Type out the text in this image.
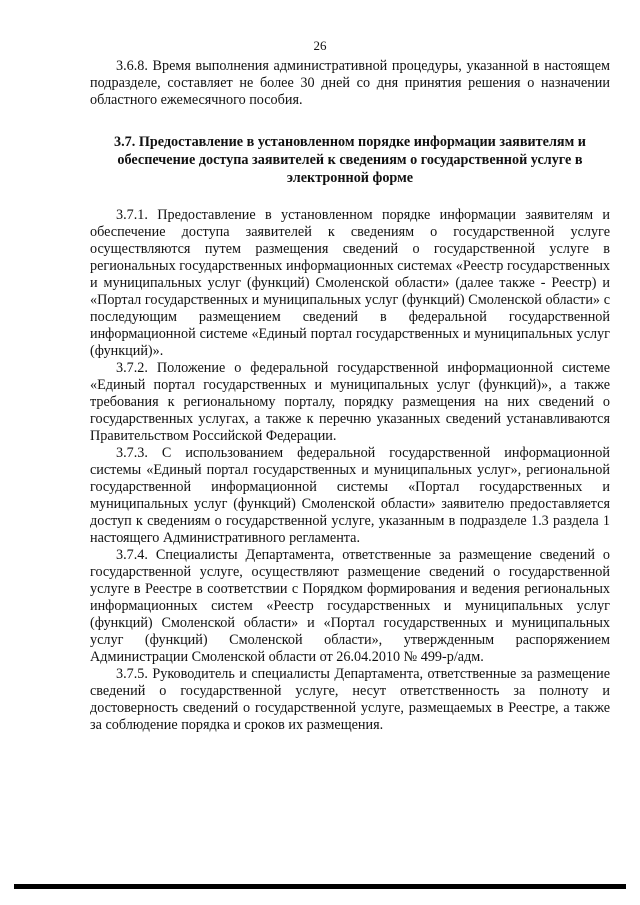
26

3.6.8. Время выполнения административной процедуры, указанной в настоящем подразделе, составляет не более 30 дней со дня принятия решения о назначении областного ежемесячного пособия.

3.7. Предоставление в установленном порядке информации заявителям и обеспечение доступа заявителей к сведениям о государственной услуге в электронной форме

3.7.1. Предоставление в установленном порядке информации заявителям и обеспечение доступа заявителей к сведениям о государственной услуге осуществляются путем размещения сведений о государственной услуге в региональных государственных информационных системах «Реестр государственных и муниципальных услуг (функций) Смоленской области» (далее также - Реестр) и «Портал государственных и муниципальных услуг (функций) Смоленской области» с последующим размещением сведений в федеральной государственной информационной системе «Единый портал государственных и муниципальных услуг (функций)».

3.7.2. Положение о федеральной государственной информационной системе «Единый портал государственных и муниципальных услуг (функций)», а также требования к региональному порталу, порядку размещения на них сведений о государственных услугах, а также к перечню указанных сведений устанавливаются Правительством Российской Федерации.

3.7.3. С использованием федеральной государственной информационной системы «Единый портал государственных и муниципальных услуг», региональной государственной информационной системы «Портал государственных и муниципальных услуг (функций) Смоленской области» заявителю предоставляется доступ к сведениям о государственной услуге, указанным в подразделе 1.3 раздела 1 настоящего Административного регламента.

3.7.4. Специалисты Департамента, ответственные за размещение сведений о государственной услуге, осуществляют размещение сведений о государственной услуге в Реестре в соответствии с Порядком формирования и ведения региональных информационных систем «Реестр государственных и муниципальных услуг (функций) Смоленской области» и «Портал государственных и муниципальных услуг (функций) Смоленской области», утвержденным распоряжением Администрации Смоленской области от 26.04.2010 № 499-р/адм.

3.7.5. Руководитель и специалисты Департамента, ответственные за размещение сведений о государственной услуге, несут ответственность за полноту и достоверность сведений о государственной услуге, размещаемых в Реестре, а также за соблюдение порядка и сроков их размещения.
